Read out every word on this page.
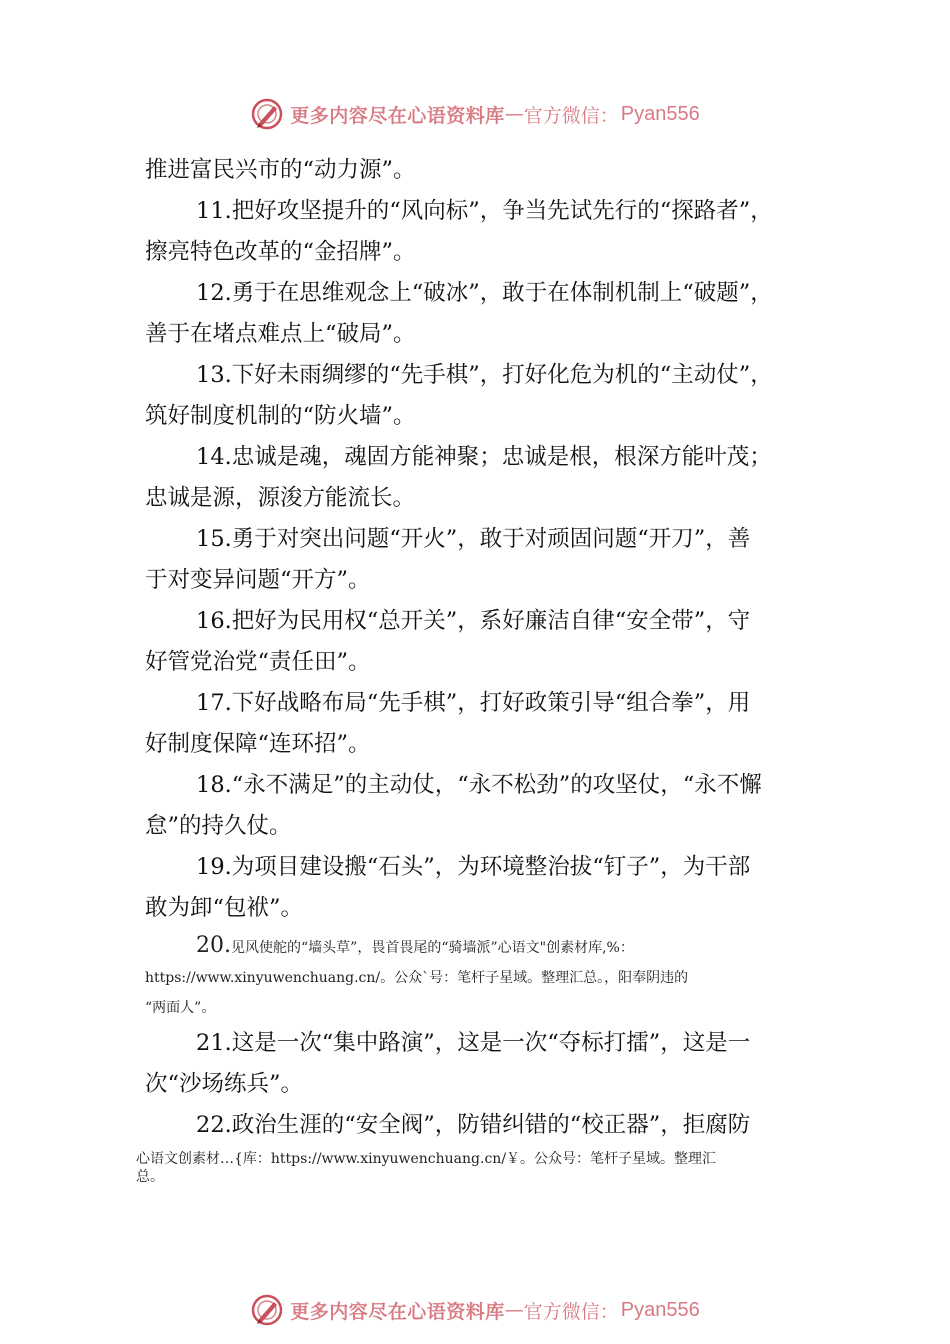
更多内容尽在心语资料库 — 官方微信： Pyan556

推进富民兴市的“动力源”。

11.把好攻坚提升的“风向标”，争当先试先行的“探路者”，
擦亮特色改革的“金招牌”。

12.勇于在思维观念上“破冰”，敢于在体制机制上“破题”，
善于在堵点难点上“破局”。

13.下好未雨绸缪的“先手棋”，打好化危为机的“主动仗”，
筑好制度机制的“防火墙”。

14.忠诚是魂，魂固方能神聚；忠诚是根，根深方能叶茂；
忠诚是源，源浚方能流长。

15.勇于对突出问题“开火”，敢于对顽固问题“开刀”，善
于对变异问题“开方”。

16.把好为民用权“总开关”，系好廉洁自律“安全带”，守
好管党治党“责任田”。

17.下好战略布局“先手棋”，打好政策引导“组合拳”，用
好制度保障“连环招”。

18.“永不满足”的主动仗，“永不松劲”的攻坚仗，“永不懈
怠”的持久仗。

19.为项目建设搬“石头”，为环境整治拔“钉子”，为干部
敢为卸“包袱”。

20.见风使舵的“墙头草”，畏首畏尾的“骑墙派”心语文"创素材库,%：
https://www.xinyuwenchuang.cn/。公众`号：笔杆子星域。整理汇总。，阳奉阴违的
“两面人”。

21.这是一次“集中路演”，这是一次“夺标打擂”，这是一
次“沙场练兵”。

22.政治生涯的“安全阀”，防错纠错的“校正器”，拒腐防

心语文创素材…{库：https://www.xinyuwenchuang.cn/￥。公众号：笔杆子星域。整理汇
总。
更多内容尽在心语资料库 — 官方微信： Pyan556
